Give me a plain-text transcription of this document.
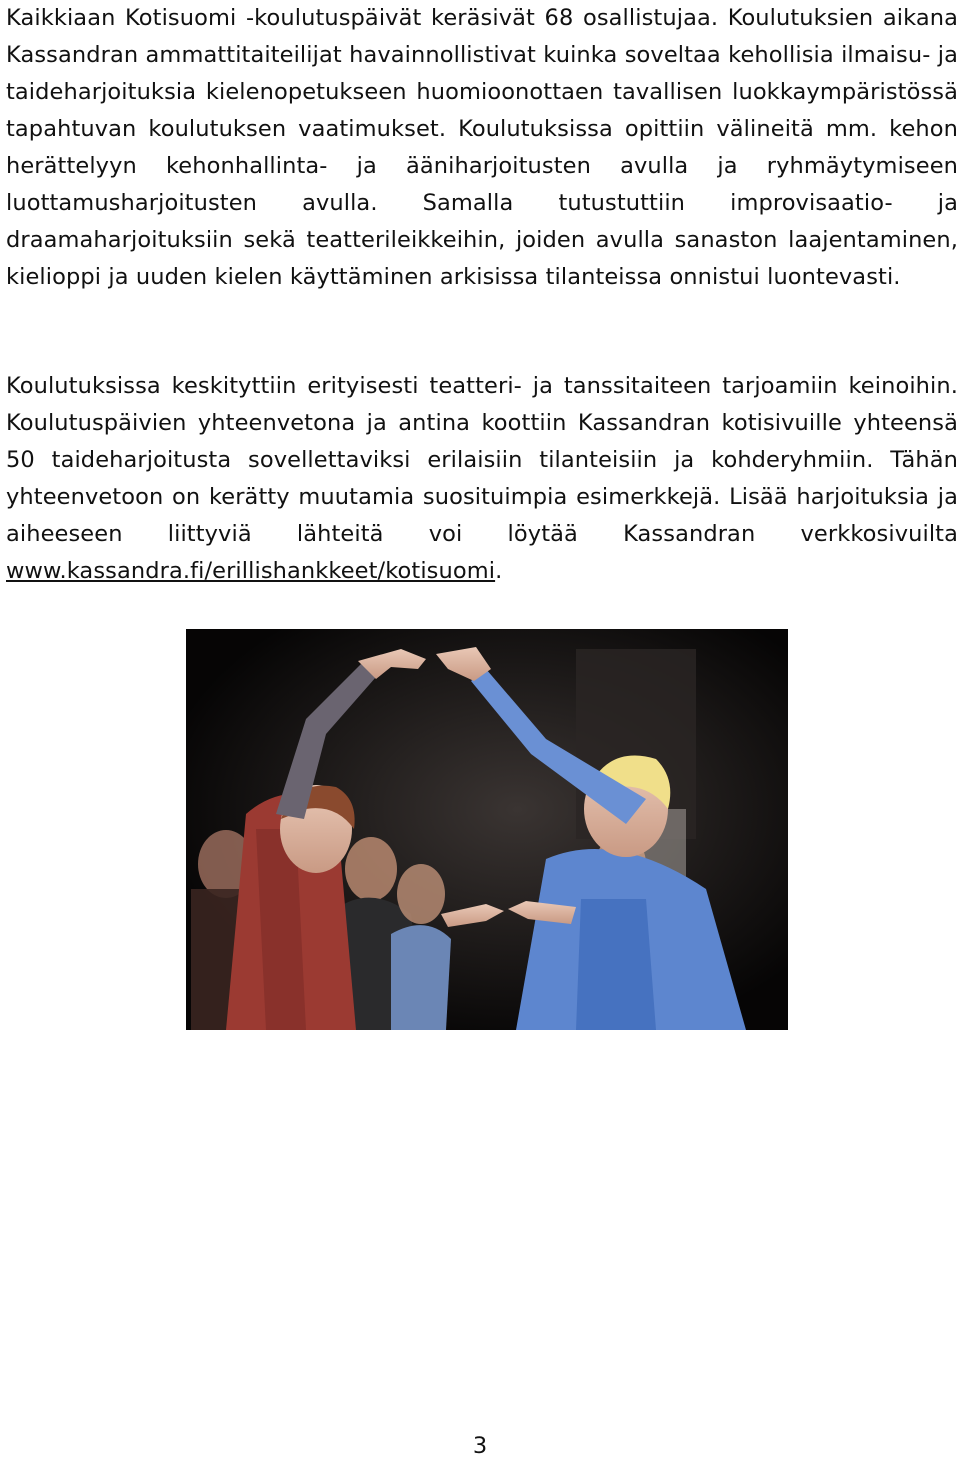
Kaikkiaan Kotisuomi -koulutuspäivät keräsivät 68 osallistujaa. Koulutuksien aikana Kassandran ammattitaiteilijat havainnollistivat kuinka soveltaa kehollisia ilmaisu- ja taideharjoituksia kielenopetukseen huomioonottaen tavallisen luokkaympäristössä tapahtuvan koulutuksen vaatimukset. Koulutuksissa opittiin välineitä mm. kehon herättelyyn kehonhallinta- ja ääniharjoitusten avulla ja ryhmäytymiseen luottamusharjoitusten avulla. Samalla tutustuttiin improvisaatio- ja draamaharjoituksiin sekä teatterileikkeihin, joiden avulla sanaston laajentaminen, kielioppi ja uuden kielen käyttäminen arkisissa tilanteissa onnistui luontevasti.

Koulutuksissa keskityttiin erityisesti teatteri- ja tanssitaiteen tarjoamiin keinoihin. Koulutuspäivien yhteenvetona ja antina koottiin Kassandran kotisivuille yhteensä 50 taideharjoitusta sovellettaviksi erilaisiin tilanteisiin ja kohderyhmiin. Tähän yhteenvetoon on kerätty muutamia suosituimpia esimerkkejä. Lisää harjoituksia ja aiheeseen liittyviä lähteitä voi löytää Kassandran verkkosivuilta www.kassandra.fi/erillishankkeet/kotisuomi.

3
